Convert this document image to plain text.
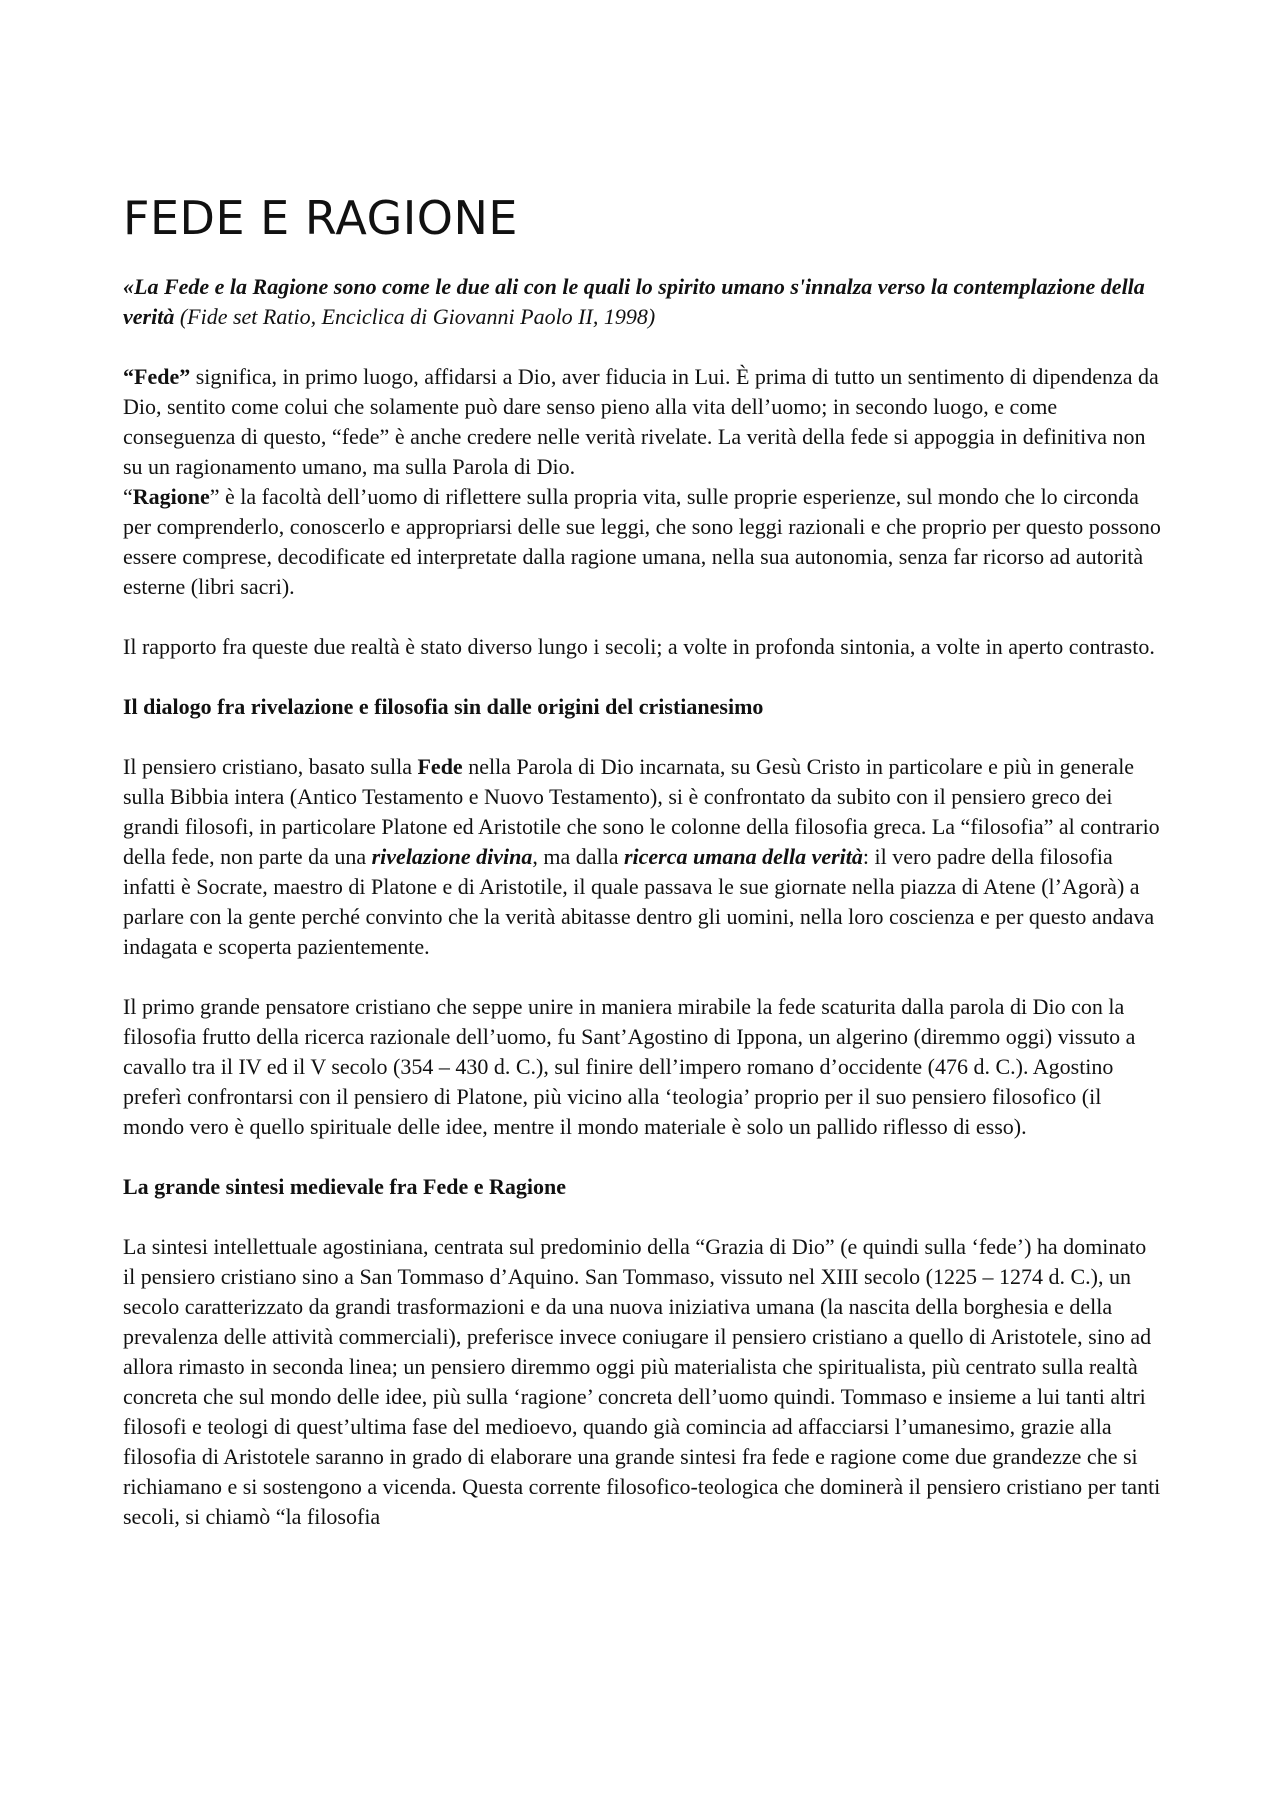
FEDE E RAGIONE

«La Fede e la Ragione sono come le due ali con le quali lo spirito umano s'innalza verso la contemplazione della verità (Fide set Ratio, Enciclica di Giovanni Paolo II, 1998)

“Fede” significa, in primo luogo, affidarsi a Dio, aver fiducia in Lui. È prima di tutto un sentimento di dipendenza da Dio, sentito come colui che solamente può dare senso pieno alla vita dell’uomo; in secondo luogo, e come conseguenza di questo, “fede” è anche credere nelle verità rivelate. La verità della fede si appoggia in definitiva non su un ragionamento umano, ma sulla Parola di Dio.

“Ragione” è la facoltà dell’uomo di riflettere sulla propria vita, sulle proprie esperienze, sul mondo che lo circonda per comprenderlo, conoscerlo e appropriarsi delle sue leggi, che sono leggi razionali e che proprio per questo possono essere comprese, decodificate ed interpretate dalla ragione umana, nella sua autonomia, senza far ricorso ad autorità esterne (libri sacri).

Il rapporto fra queste due realtà è stato diverso lungo i secoli; a volte in profonda sintonia, a volte in aperto contrasto.

Il dialogo fra rivelazione e filosofia sin dalle origini del cristianesimo

Il pensiero cristiano, basato sulla Fede nella Parola di Dio incarnata, su Gesù Cristo in particolare e più in generale sulla Bibbia intera (Antico Testamento e Nuovo Testamento), si è confrontato da subito con il pensiero greco dei grandi filosofi, in particolare Platone ed Aristotile che sono le colonne della filosofia greca. La “filosofia” al contrario della fede, non parte da una rivelazione divina, ma dalla ricerca umana della verità: il vero padre della filosofia infatti è Socrate, maestro di Platone e di Aristotile, il quale passava le sue giornate nella piazza di Atene (l’Agorà) a parlare con la gente perché convinto che la verità abitasse dentro gli uomini, nella loro coscienza e per questo andava indagata e scoperta pazientemente.

Il primo grande pensatore cristiano che seppe unire in maniera mirabile la fede scaturita dalla parola di Dio con la filosofia frutto della ricerca razionale dell’uomo, fu Sant’Agostino di Ippona, un algerino (diremmo oggi) vissuto a cavallo tra il IV ed il V secolo (354 – 430 d. C.), sul finire dell’impero romano d’occidente (476 d. C.). Agostino preferì confrontarsi con il pensiero di Platone, più vicino alla ‘teologia’ proprio per il suo pensiero filosofico (il mondo vero è quello spirituale delle idee, mentre il mondo materiale è solo un pallido riflesso di esso).

La grande sintesi medievale fra Fede e Ragione

La sintesi intellettuale agostiniana, centrata sul predominio della “Grazia di Dio” (e quindi sulla ‘fede’) ha dominato il pensiero cristiano sino a San Tommaso d’Aquino. San Tommaso, vissuto nel XIII secolo (1225 – 1274 d. C.), un secolo caratterizzato da grandi trasformazioni e da una nuova iniziativa umana (la nascita della borghesia e della prevalenza delle attività commerciali), preferisce invece coniugare il pensiero cristiano a quello di Aristotele, sino ad allora rimasto in seconda linea; un pensiero diremmo oggi più materialista che spiritualista, più centrato sulla realtà concreta che sul mondo delle idee, più sulla ‘ragione’ concreta dell’uomo quindi. Tommaso e insieme a lui tanti altri filosofi e teologi di quest’ultima fase del medioevo, quando già comincia ad affacciarsi l’umanesimo, grazie alla filosofia di Aristotele saranno in grado di elaborare una grande sintesi fra fede e ragione come due grandezze che si richiamano e si sostengono a vicenda. Questa corrente filosofico-teologica che dominerà il pensiero cristiano per tanti secoli, si chiamò “la filosofia
